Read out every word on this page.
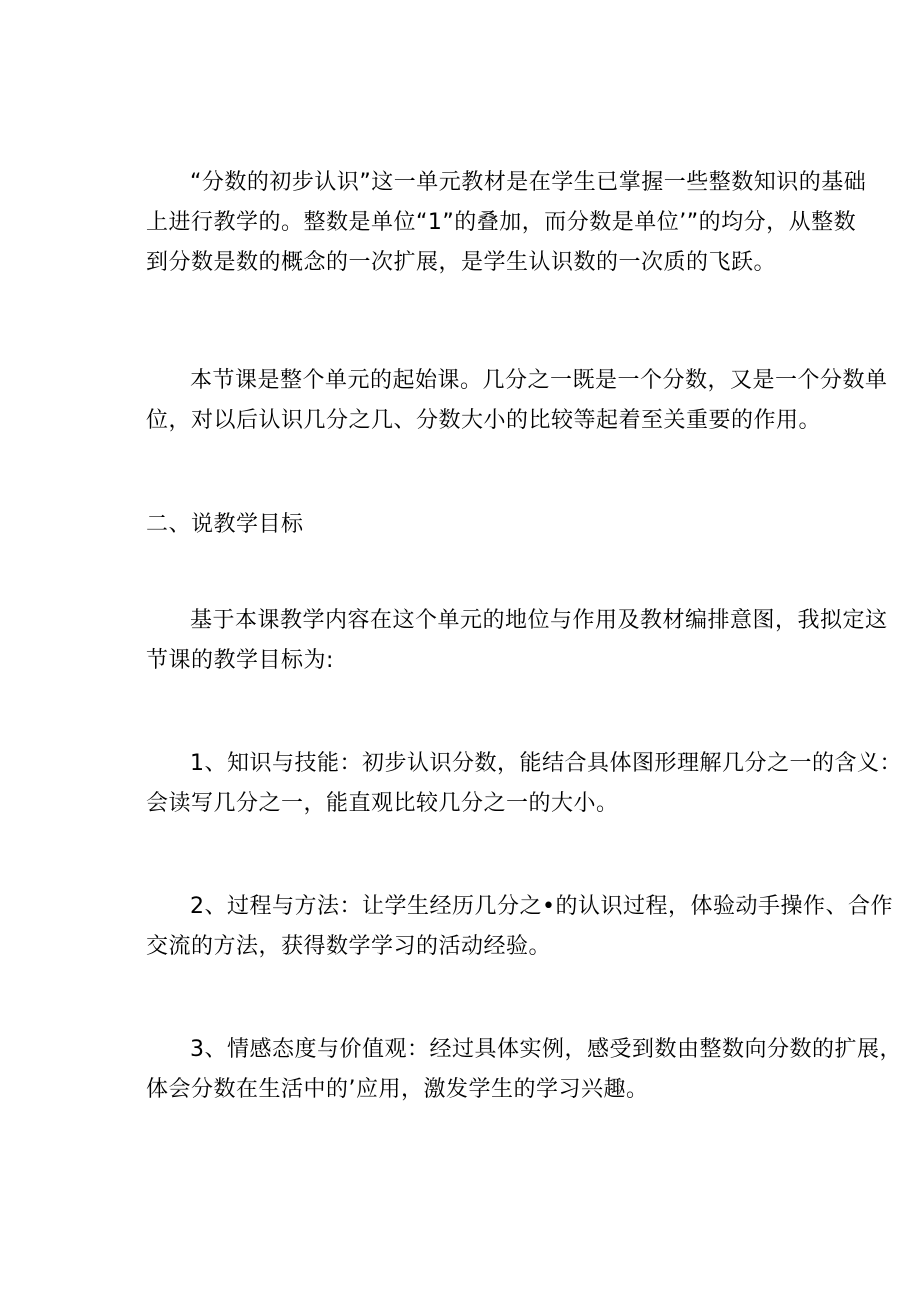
“分数的初步认识”这一单元教材是在学生已掌握一些整数知识的基础
上进行教学的。整数是单位“1”的叠加，而分数是单位’”的均分，从整数
到分数是数的概念的一次扩展，是学生认识数的一次质的飞跃。

本节课是整个单元的起始课。几分之一既是一个分数，又是一个分数单
位，对以后认识几分之几、分数大小的比较等起着至关重要的作用。

二、说教学目标

基于本课教学内容在这个单元的地位与作用及教材编排意图，我拟定这
节课的教学目标为:

1、知识与技能：初步认识分数，能结合具体图形理解几分之一的含义：
会读写几分之一，能直观比较几分之一的大小。

2、过程与方法：让学生经历几分之•的认识过程，体验动手操作、合作
交流的方法，获得数学学习的活动经验。

3、情感态度与价值观：经过具体实例，感受到数由整数向分数的扩展，
体会分数在生活中的’应用，激发学生的学习兴趣。
